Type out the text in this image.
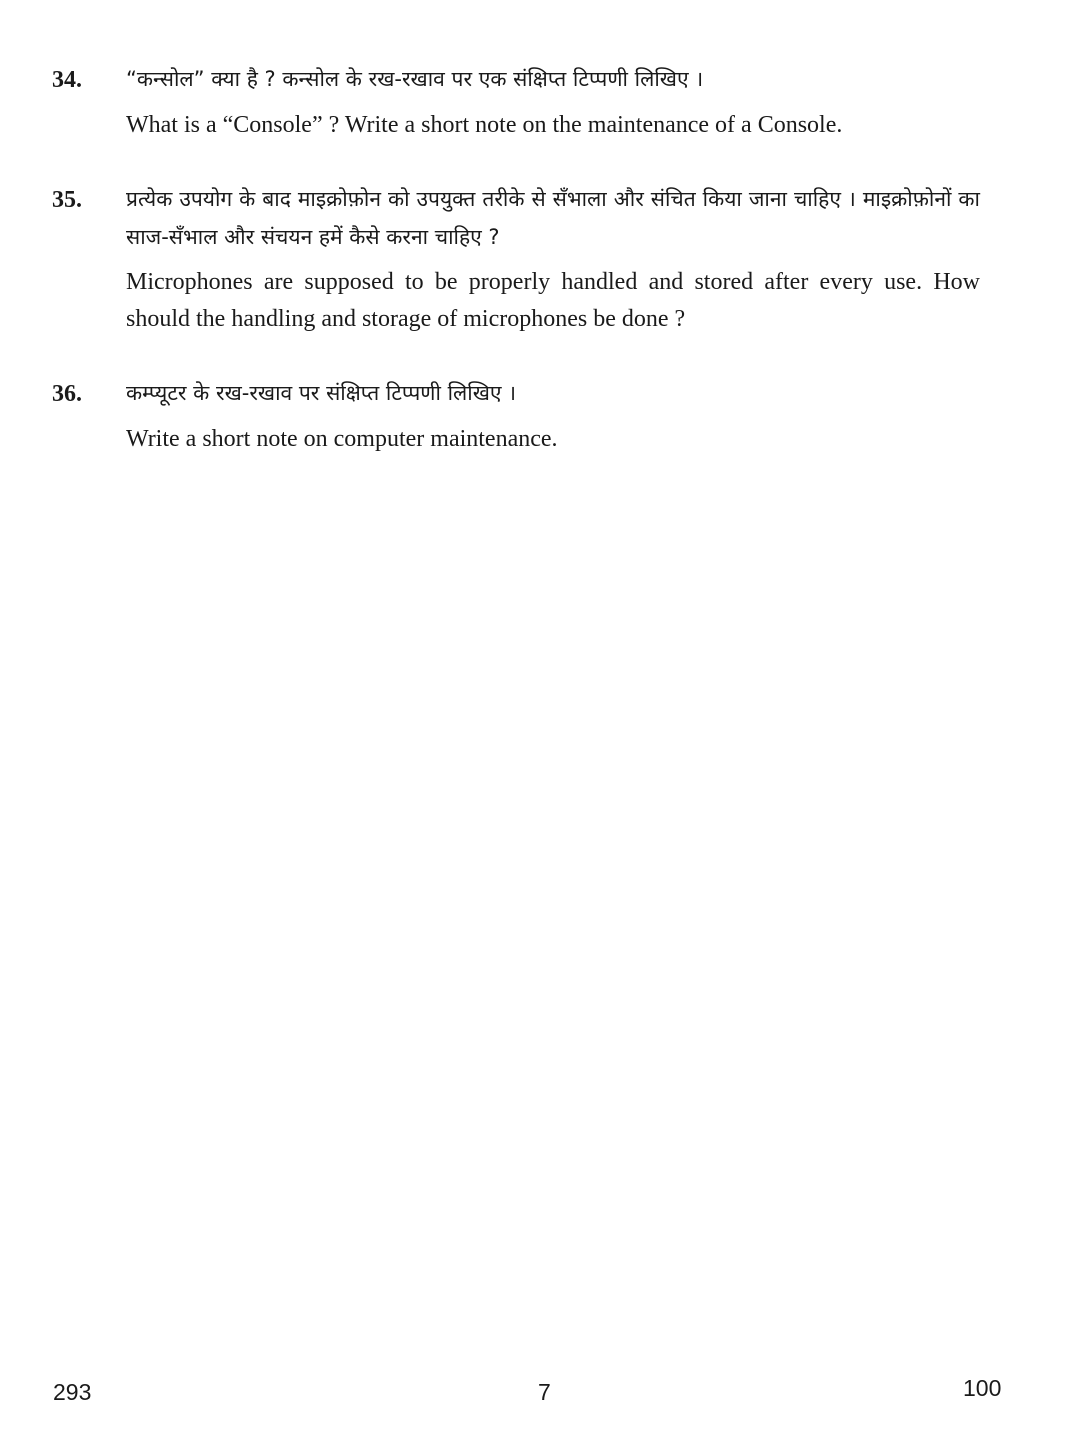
34. “कन्सोल” क्या है ? कन्सोल के रख-रखाव पर एक संक्षिप्त टिप्पणी लिखिए ।

What is a “Console” ? Write a short note on the maintenance of a Console.

35. प्रत्येक उपयोग के बाद माइक्रोफ़ोन को उपयुक्त तरीके से सँभाला और संचित किया जाना चाहिए । माइक्रोफ़ोनों का साज-सँभाल और संचयन हमें कैसे करना चाहिए ?

Microphones are supposed to be properly handled and stored after every use. How should the handling and storage of microphones be done ?

36. कम्प्यूटर के रख-रखाव पर संक्षिप्त टिप्पणी लिखिए ।

Write a short note on computer maintenance.

293	7	100
